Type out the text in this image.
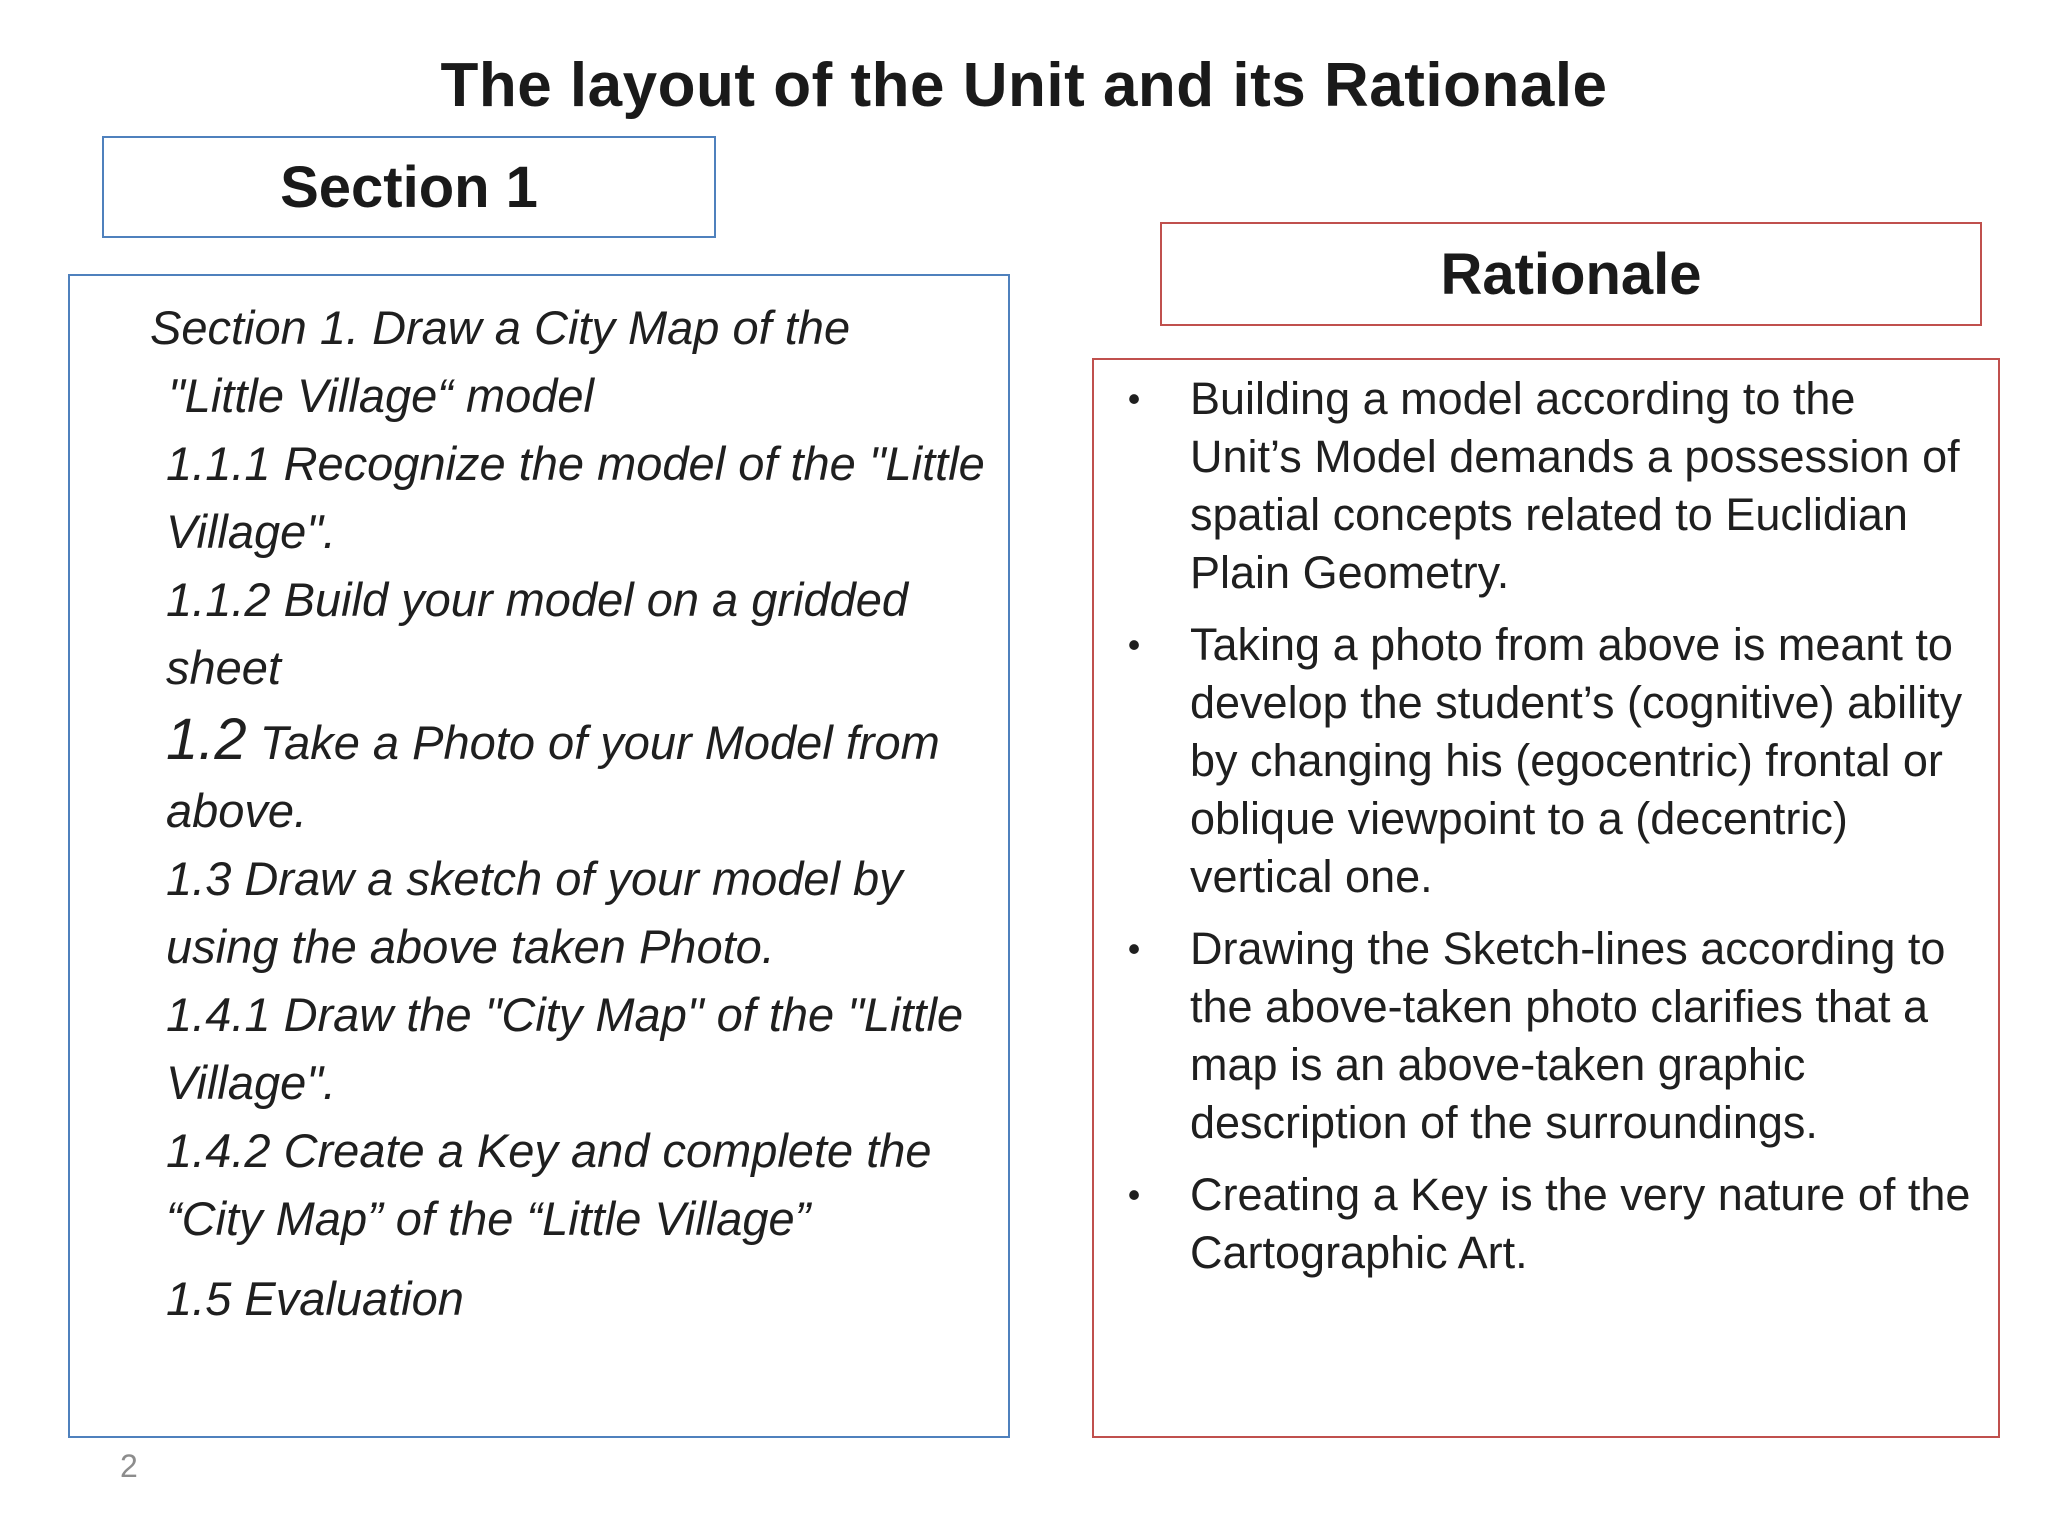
The layout of the Unit and its Rationale
Section 1
Rationale
Section 1. Draw a City Map of the
"Little Village“ model
1.1.1 Recognize the model of the "Little Village".
1.1.2 Build your model on a gridded sheet
1.2 Take a Photo of your Model from above.
1.3 Draw a sketch of your model by using the above taken Photo.
1.4.1 Draw the "City Map" of the "Little Village".
1.4.2 Create a Key and complete the “City Map” of the “Little Village”
1.5 Evaluation
•	Building a model according to the Unit’s Model demands a possession of spatial concepts related to Euclidian Plain Geometry.
•	Taking a photo from above is meant to develop the student’s (cognitive) ability by changing his (egocentric) frontal or oblique viewpoint to a (decentric) vertical one.
•	Drawing the Sketch-lines according to the above-taken photo clarifies that a map is an above-taken graphic description of the surroundings.
•	Creating a Key is the very nature of the Cartographic Art.
2
